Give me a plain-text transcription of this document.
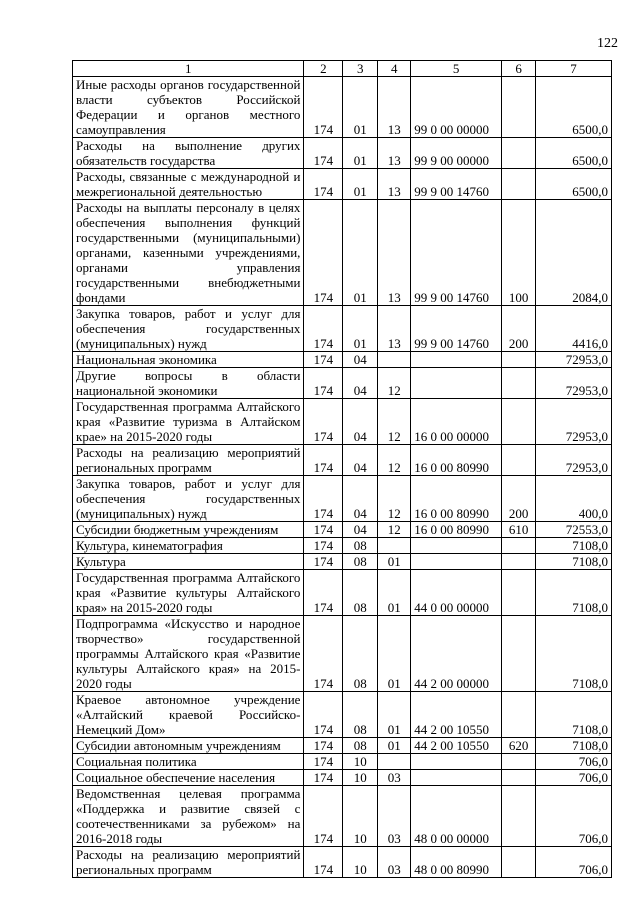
122
1	2	3	4	5	6	7
Иные расходы органов государственной власти субъектов Российской Федерации и органов местного самоуправления	174	01	13	99 0 00 00000		6500,0
Расходы на выполнение других обязательств государства	174	01	13	99 9 00 00000		6500,0
Расходы, связанные с международной и межрегиональной деятельностью	174	01	13	99 9 00 14760		6500,0
Расходы на выплаты персоналу в целях обеспечения выполнения функций государственными (муниципальными) органами, казенными учреждениями, органами управления государственными внебюджетными фондами	174	01	13	99 9 00 14760	100	2084,0
Закупка товаров, работ и услуг для обеспечения государственных (муниципальных) нужд	174	01	13	99 9 00 14760	200	4416,0
Национальная экономика	174	04				72953,0
Другие вопросы в области национальной экономики	174	04	12			72953,0
Государственная программа Алтайского края «Развитие туризма в Алтайском крае» на 2015-2020 годы	174	04	12	16 0 00 00000		72953,0
Расходы на реализацию мероприятий региональных программ	174	04	12	16 0 00 80990		72953,0
Закупка товаров, работ и услуг для обеспечения государственных (муниципальных) нужд	174	04	12	16 0 00 80990	200	400,0
Субсидии бюджетным учреждениям	174	04	12	16 0 00 80990	610	72553,0
Культура, кинематография	174	08				7108,0
Культура	174	08	01			7108,0
Государственная программа Алтайского края «Развитие культуры Алтайского края» на 2015-2020 годы	174	08	01	44 0 00 00000		7108,0
Подпрограмма «Искусство и народное творчество» государственной программы Алтайского края «Развитие культуры Алтайского края» на 2015-2020 годы	174	08	01	44 2 00 00000		7108,0
Краевое автономное учреждение «Алтайский краевой Российско-Немецкий Дом»	174	08	01	44 2 00 10550		7108,0
Субсидии автономным учреждениям	174	08	01	44 2 00 10550	620	7108,0
Социальная политика	174	10				706,0
Социальное обеспечение населения	174	10	03			706,0
Ведомственная целевая программа «Поддержка и развитие связей с соотечественниками за рубежом» на 2016-2018 годы	174	10	03	48 0 00 00000		706,0
Расходы на реализацию мероприятий региональных программ	174	10	03	48 0 00 80990		706,0
